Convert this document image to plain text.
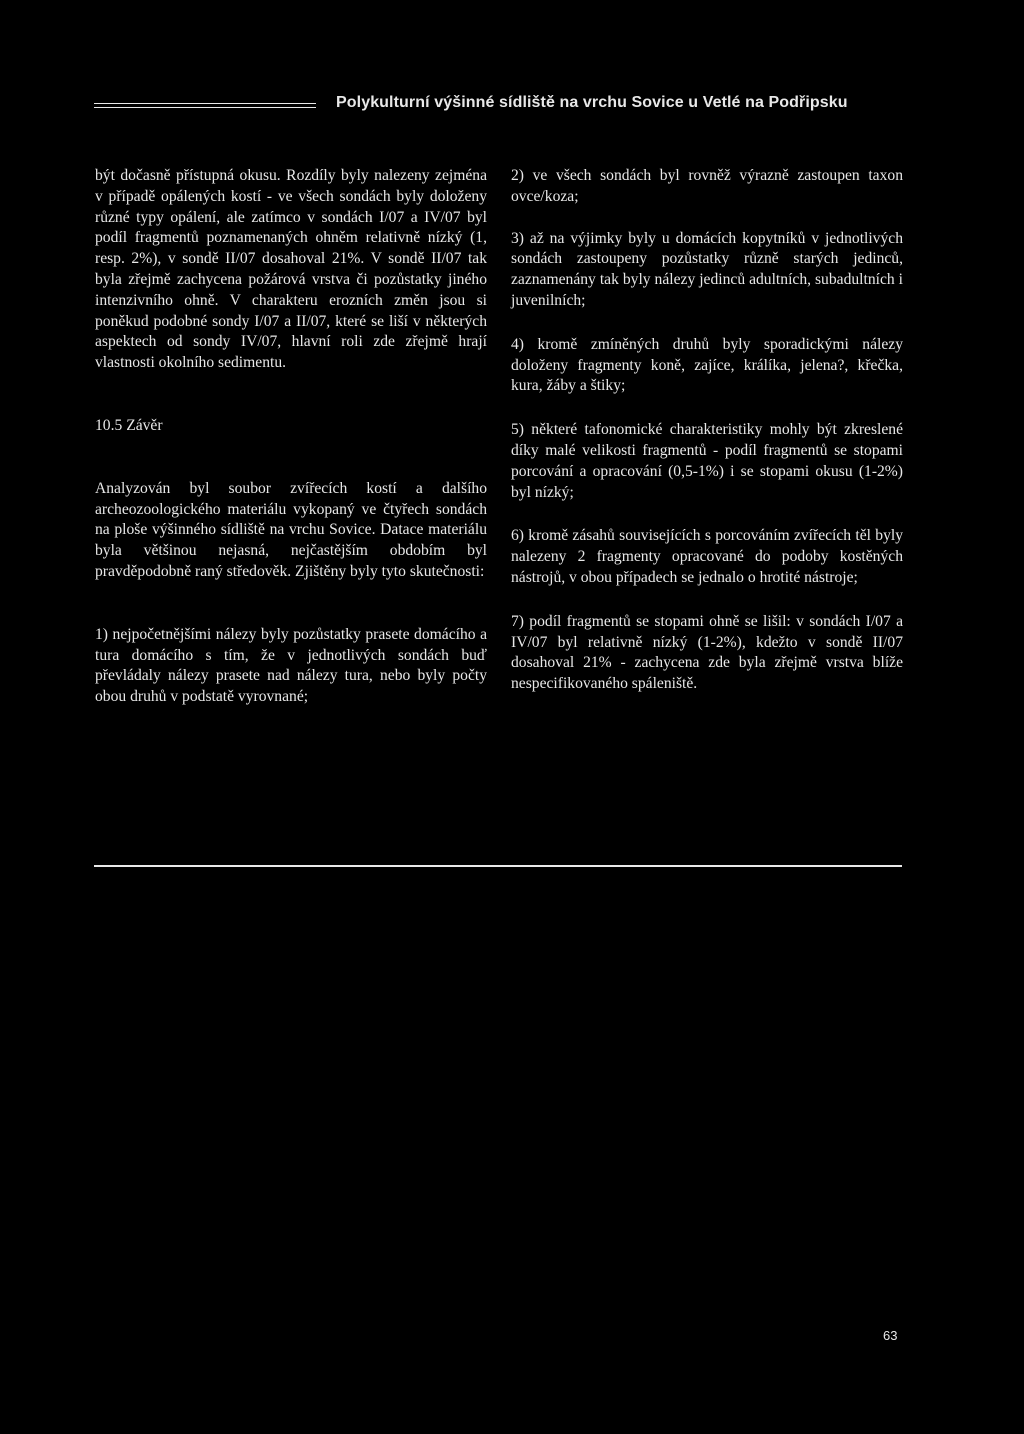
Polykulturní výšinné sídliště na vrchu Sovice u Vetlé na Podřipsku

být dočasně přístupná okusu. Rozdíly byly nalezeny zejména v případě opálených kostí - ve všech sondách byly doloženy různé typy opálení, ale zatímco v sondách I/07 a IV/07 byl podíl fragmentů poznamenaných ohněm relativně nízký (1, resp. 2%), v sondě II/07 dosahoval 21%. V sondě II/07 tak byla zřejmě zachycena požárová vrstva či pozůstatky jiného intenzivního ohně. V charakteru erozních změn jsou si poněkud podobné sondy I/07 a II/07, které se liší v některých aspektech od sondy IV/07, hlavní roli zde zřejmě hrají vlastnosti okolního sedimentu.

10.5 Závěr

Analyzován byl soubor zvířecích kostí a dalšího archeozoologického materiálu vykopaný ve čtyřech sondách na ploše výšinného sídliště na vrchu Sovice. Datace materiálu byla většinou nejasná, nejčastějším obdobím byl pravděpodobně raný středověk. Zjištěny byly tyto skutečnosti:

1) nejpočetnějšími nálezy byly pozůstatky prasete domácího a tura domácího s tím, že v jednotlivých sondách buď převládaly nálezy prasete nad nálezy tura, nebo byly počty obou druhů v podstatě vyrovnané;

2) ve všech sondách byl rovněž výrazně zastoupen taxon ovce/koza;

3) až na výjimky byly u domácích kopytníků v jednotlivých sondách zastoupeny pozůstatky různě starých jedinců, zaznamenány tak byly nálezy jedinců adultních, subadultních i juvenilních;

4) kromě zmíněných druhů byly sporadickými nálezy doloženy fragmenty koně, zajíce, králíka, jelena?, křečka, kura, žáby a štiky;

5) některé tafonomické charakteristiky mohly být zkreslené díky malé velikosti fragmentů - podíl fragmentů se stopami porcování a opracování (0,5-1%) i se stopami okusu (1-2%) byl nízký;

6) kromě zásahů souvisejících s porcováním zvířecích těl byly nalezeny 2 fragmenty opracované do podoby kostěných nástrojů, v obou případech se jednalo o hrotité nástroje;

7) podíl fragmentů se stopami ohně se lišil: v sondách I/07 a IV/07 byl relativně nízký (1-2%), kdežto v sondě II/07 dosahoval 21% - zachycena zde byla zřejmě vrstva blíže nespecifikovaného spáleniště.

63
